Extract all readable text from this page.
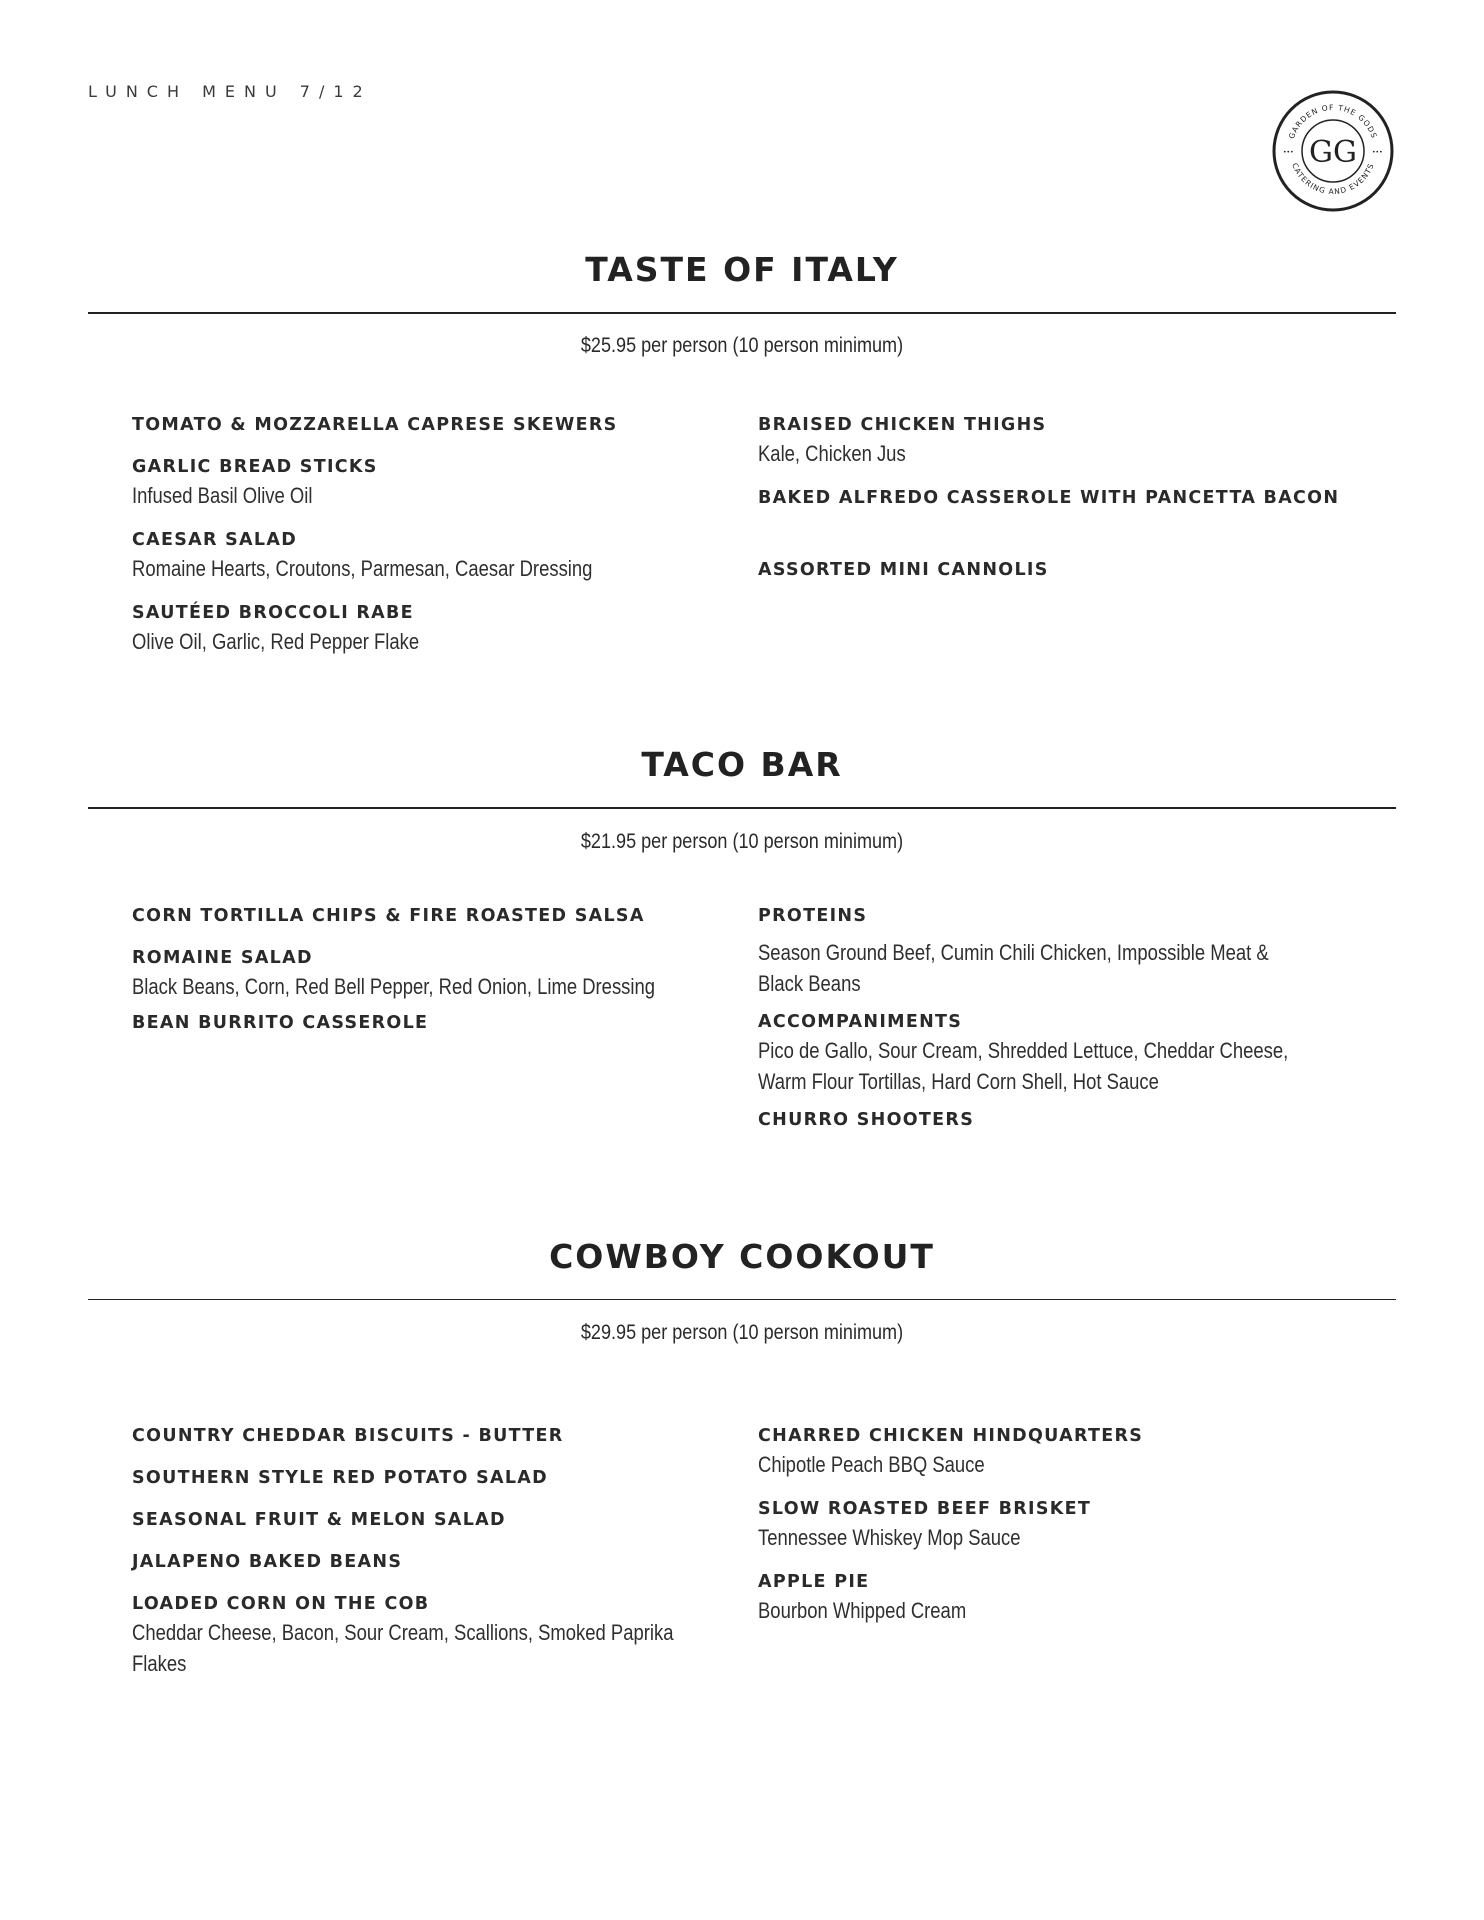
LUNCH MENU 7/12
GG
GARDEN OF THE GODS
CATERING AND EVENTS
•••	•••
TASTE OF ITALY
$25.95 per person (10 person minimum)
TOMATO & MOZZARELLA CAPRESE SKEWERS
GARLIC BREAD STICKS
Infused Basil Olive Oil
CAESAR SALAD
Romaine Hearts, Croutons, Parmesan, Caesar Dressing
SAUTÉED BROCCOLI RABE
Olive Oil, Garlic, Red Pepper Flake
BRAISED CHICKEN THIGHS
Kale, Chicken Jus
BAKED ALFREDO CASSEROLE WITH PANCETTA BACON
ASSORTED MINI CANNOLIS
TACO BAR
$21.95 per person (10 person minimum)
CORN TORTILLA CHIPS & FIRE ROASTED SALSA
ROMAINE SALAD
Black Beans, Corn, Red Bell Pepper, Red Onion, Lime Dressing
BEAN BURRITO CASSEROLE
PROTEINS
Season Ground Beef, Cumin Chili Chicken, Impossible Meat & Black Beans
ACCOMPANIMENTS
Pico de Gallo, Sour Cream, Shredded Lettuce, Cheddar Cheese, Warm Flour Tortillas, Hard Corn Shell, Hot Sauce
CHURRO SHOOTERS
COWBOY COOKOUT
$29.95 per person (10 person minimum)
COUNTRY CHEDDAR BISCUITS - BUTTER
SOUTHERN STYLE RED POTATO SALAD
SEASONAL FRUIT & MELON SALAD
JALAPENO BAKED BEANS
LOADED CORN ON THE COB
Cheddar Cheese, Bacon, Sour Cream, Scallions, Smoked Paprika Flakes
CHARRED CHICKEN HINDQUARTERS
Chipotle Peach BBQ Sauce
SLOW ROASTED BEEF BRISKET
Tennessee Whiskey Mop Sauce
APPLE PIE
Bourbon Whipped Cream
